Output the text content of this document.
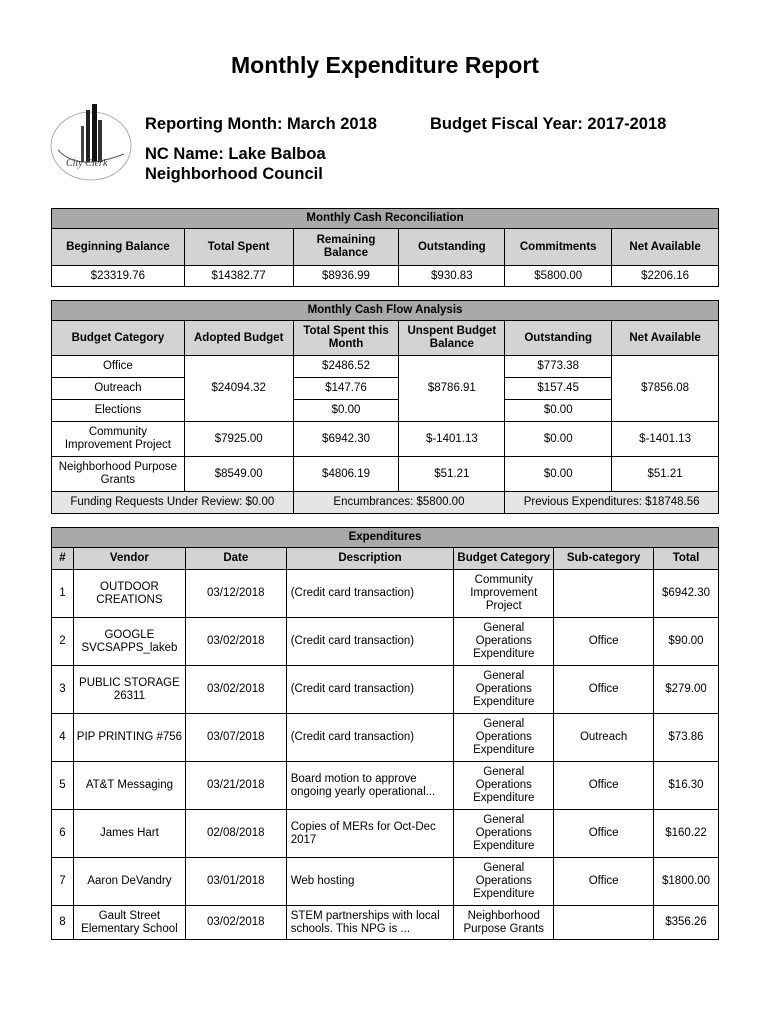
Monthly Expenditure Report
City Clerk
Reporting Month: March 2018	Budget Fiscal Year: 2017-2018
NC Name: Lake Balboa
Neighborhood Council
Monthly Cash Reconciliation					
Beginning Balance	Total Spent	Remaining Balance	Outstanding	Commitments	Net Available
$23319.76	$14382.77	$8936.99	$930.83	$5800.00	$2206.16
Monthly Cash Flow Analysis					
Budget Category	Adopted Budget	Total Spent this Month	Unspent Budget Balance	Outstanding	Net Available
Office	$24094.32	$2486.52	$8786.91	$773.38	$7856.08
Outreach		$147.76		$157.45	
Elections		$0.00		$0.00	
Community Improvement Project	$7925.00	$6942.30	$-1401.13	$0.00	$-1401.13
Neighborhood Purpose Grants	$8549.00	$4806.19	$51.21	$0.00	$51.21
Funding Requests Under Review: $0.00		Encumbrances: $5800.00		Previous Expenditures: $18748.56	
Expenditures						
#	Vendor	Date	Description	Budget Category	Sub-category	Total
1	OUTDOOR CREATIONS	03/12/2018	(Credit card transaction)	Community Improvement Project		$6942.30
2	GOOGLE SVCSAPPS_lakeb	03/02/2018	(Credit card transaction)	General Operations Expenditure	Office	$90.00
3	PUBLIC STORAGE 26311	03/02/2018	(Credit card transaction)	General Operations Expenditure	Office	$279.00
4	PIP PRINTING #756	03/07/2018	(Credit card transaction)	General Operations Expenditure	Outreach	$73.86
5	AT&T Messaging	03/21/2018	Board motion to approve ongoing yearly operational...	General Operations Expenditure	Office	$16.30
6	James Hart	02/08/2018	Copies of MERs for Oct-Dec 2017	General Operations Expenditure	Office	$160.22
7	Aaron DeVandry	03/01/2018	Web hosting	General Operations Expenditure	Office	$1800.00
8	Gault Street Elementary School	03/02/2018	STEM partnerships with local schools. This NPG is ...	Neighborhood Purpose Grants		$356.26
